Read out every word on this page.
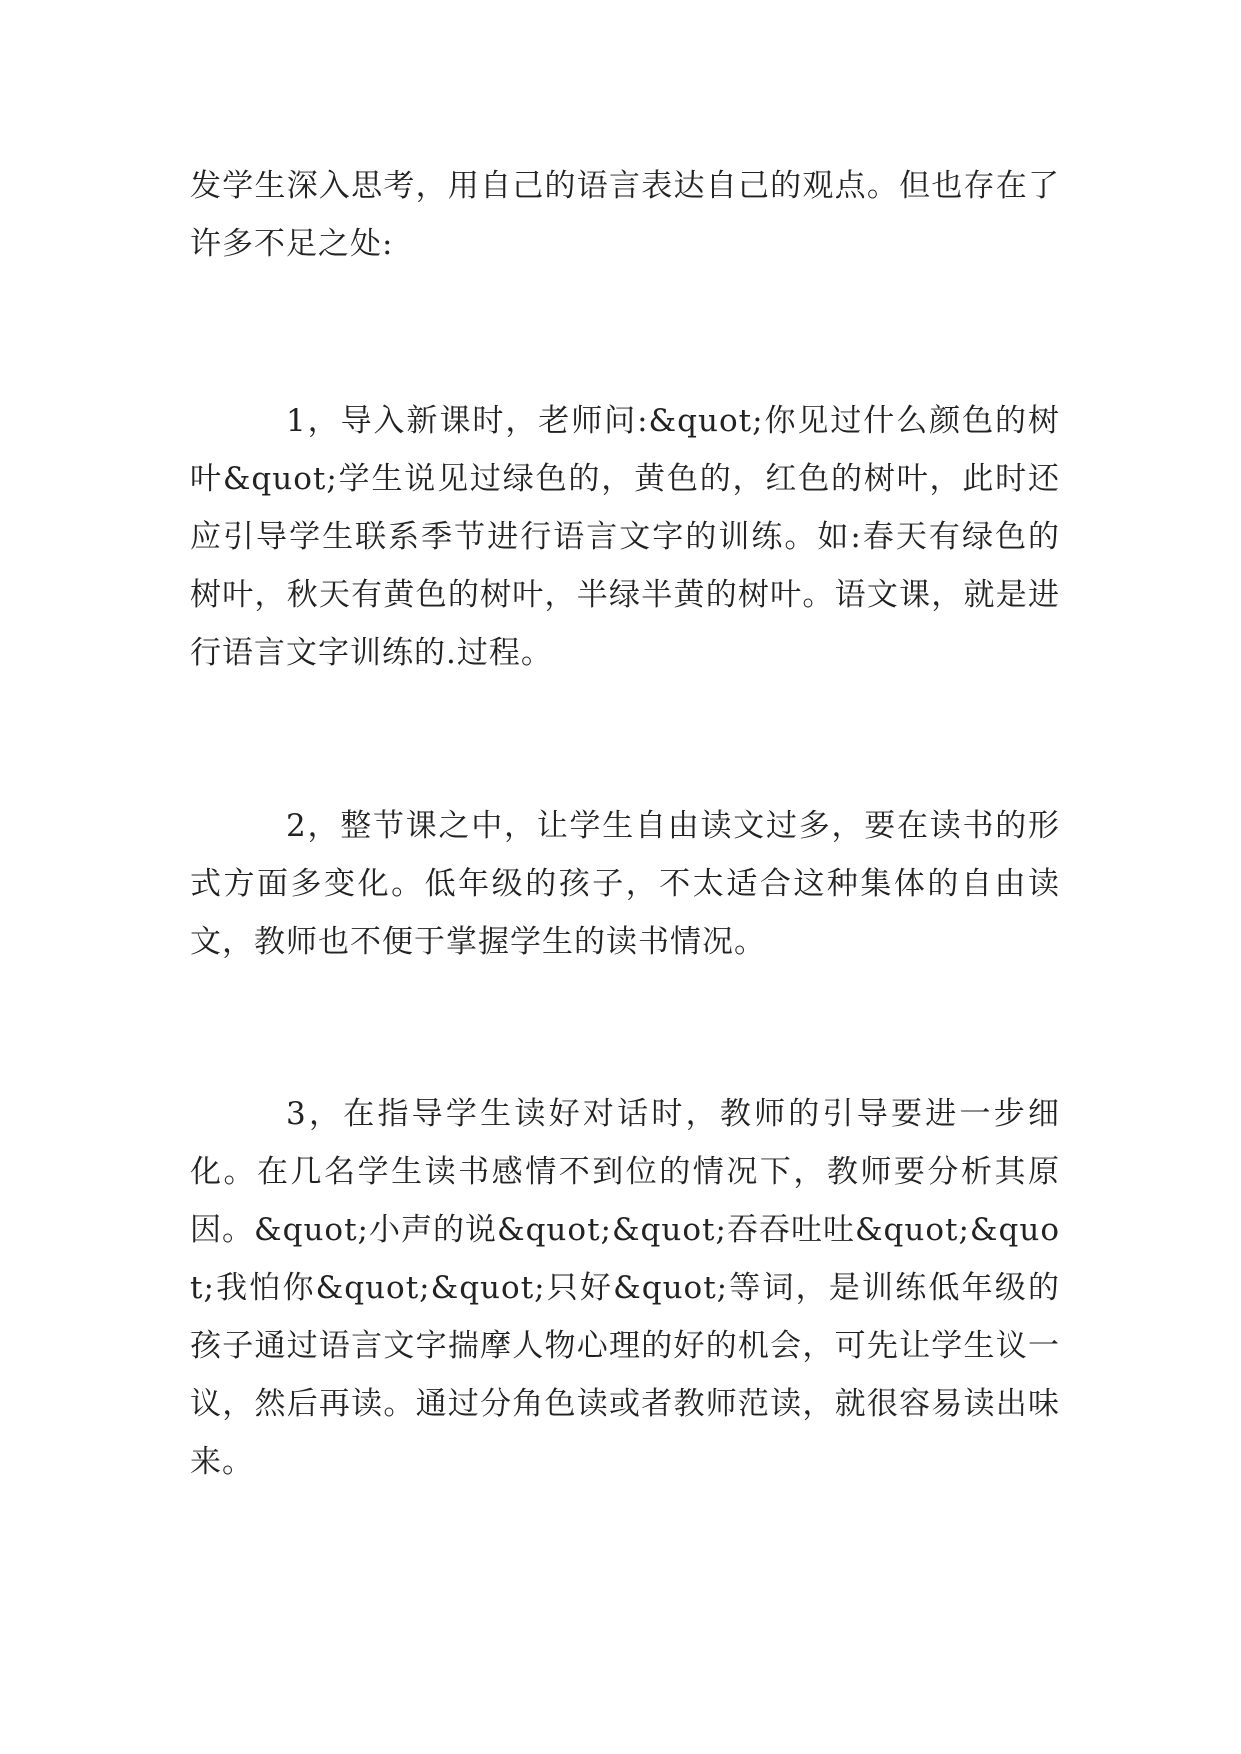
发学生深入思考，用自己的语言表达自己的观点。但也存在了许多不足之处:

1，导入新课时，老师问:&quot;你见过什么颜色的树叶&quot;学生说见过绿色的，黄色的，红色的树叶，此时还应引导学生联系季节进行语言文字的训练。如:春天有绿色的树叶，秋天有黄色的树叶，半绿半黄的树叶。语文课，就是进行语言文字训练的.过程。

2，整节课之中，让学生自由读文过多，要在读书的形式方面多变化。低年级的孩子，不太适合这种集体的自由读文，教师也不便于掌握学生的读书情况。

3，在指导学生读好对话时，教师的引导要进一步细化。在几名学生读书感情不到位的情况下，教师要分析其原因。&quot;小声的说&quot;&quot;吞吞吐吐&quot;&quot;我怕你&quot;&quot;只好&quot;等词，是训练低年级的孩子通过语言文字揣摩人物心理的好的机会，可先让学生议一议，然后再读。通过分角色读或者教师范读，就很容易读出味来。
